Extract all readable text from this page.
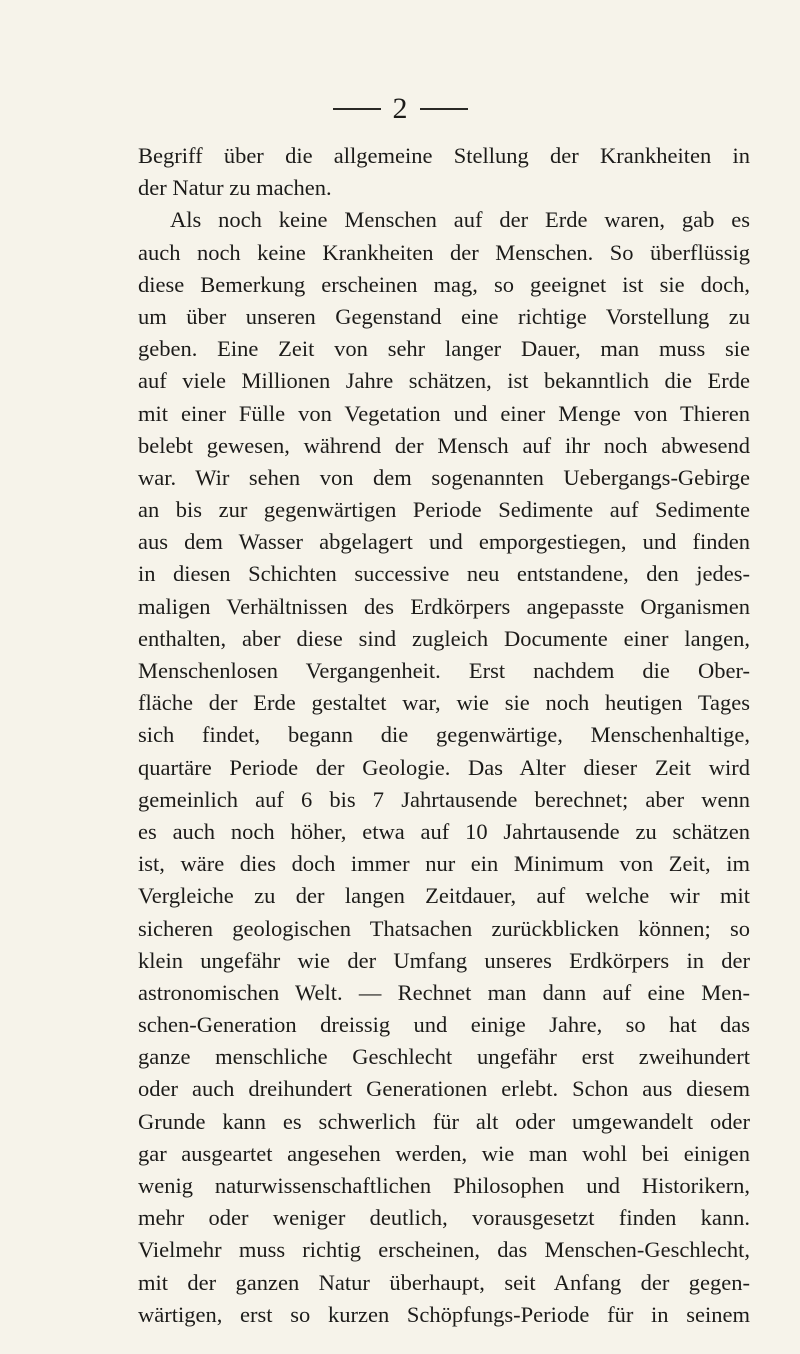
2
Begriff über die allgemeine Stellung der Krankheiten in
der Natur zu machen.
Als noch keine Menschen auf der Erde waren, gab es
auch noch keine Krankheiten der Menschen. So überflüssig
diese Bemerkung erscheinen mag, so geeignet ist sie doch,
um über unseren Gegenstand eine richtige Vorstellung zu
geben. Eine Zeit von sehr langer Dauer, man muss sie
auf viele Millionen Jahre schätzen, ist bekanntlich die Erde
mit einer Fülle von Vegetation und einer Menge von Thieren
belebt gewesen, während der Mensch auf ihr noch abwesend
war. Wir sehen von dem sogenannten Uebergangs-Gebirge
an bis zur gegenwärtigen Periode Sedimente auf Sedimente
aus dem Wasser abgelagert und emporgestiegen, und finden
in diesen Schichten successive neu entstandene, den jedes-
maligen Verhältnissen des Erdkörpers angepasste Organismen
enthalten, aber diese sind zugleich Documente einer langen,
Menschenlosen Vergangenheit. Erst nachdem die Ober-
fläche der Erde gestaltet war, wie sie noch heutigen Tages
sich findet, begann die gegenwärtige, Menschenhaltige,
quartäre Periode der Geologie. Das Alter dieser Zeit wird
gemeinlich auf 6 bis 7 Jahrtausende berechnet; aber wenn
es auch noch höher, etwa auf 10 Jahrtausende zu schätzen
ist, wäre dies doch immer nur ein Minimum von Zeit, im
Vergleiche zu der langen Zeitdauer, auf welche wir mit
sicheren geologischen Thatsachen zurückblicken können; so
klein ungefähr wie der Umfang unseres Erdkörpers in der
astronomischen Welt. — Rechnet man dann auf eine Men-
schen-Generation dreissig und einige Jahre, so hat das
ganze menschliche Geschlecht ungefähr erst zweihundert
oder auch dreihundert Generationen erlebt. Schon aus diesem
Grunde kann es schwerlich für alt oder umgewandelt oder
gar ausgeartet angesehen werden, wie man wohl bei einigen
wenig naturwissenschaftlichen Philosophen und Historikern,
mehr oder weniger deutlich, vorausgesetzt finden kann.
Vielmehr muss richtig erscheinen, das Menschen-Geschlecht,
mit der ganzen Natur überhaupt, seit Anfang der gegen-
wärtigen, erst so kurzen Schöpfungs-Periode für in seinem
